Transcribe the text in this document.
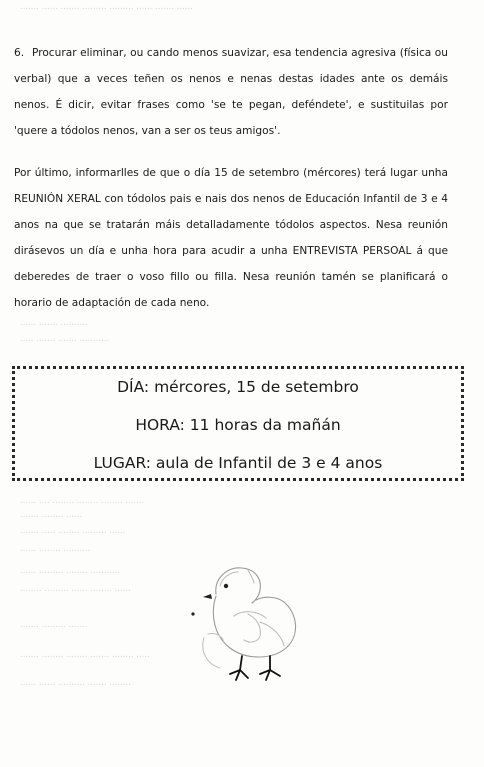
....... ...... ....... ......... ......... ...... ....... ......
...... ....... ..........
..... ....... ....... ...........
...... .... ........ ........ ........ .......
....... ........ ......
....... ..... ........ ......... ......
...... ........ ..........
...... ......... ........ ...........
........ ......... ...... ........ ......
....... ......... .......
....... ........ ........ ....... ........ .....
...... ...... .......... ....... ........
6. Procurar eliminar, ou cando menos suavizar, esa tendencia agresiva (física ou verbal) que a veces teñen os nenos e nenas destas idades ante os demáis nenos. É dicir, evitar frases como 'se te pegan, deféndete', e sustituilas por 'quere a tódolos nenos, van a ser os teus amigos'.
Por último, informarlles de que o día 15 de setembro (mércores) terá lugar unha REUNIÓN XERAL con tódolos pais e nais dos nenos de Educación Infantil de 3 e 4 anos na que se tratarán máis detalladamente tódolos aspectos. Nesa reunión dirásevos un día e unha hora para acudir a unha ENTREVISTA PERSOAL á que deberedes de traer o voso fillo ou filla. Nesa reunión tamén se planificará o horario de adaptación de cada neno.
DÍA: mércores, 15 de setembro
HORA: 11 horas da mañán
LUGAR: aula de Infantil de 3 e 4 anos
